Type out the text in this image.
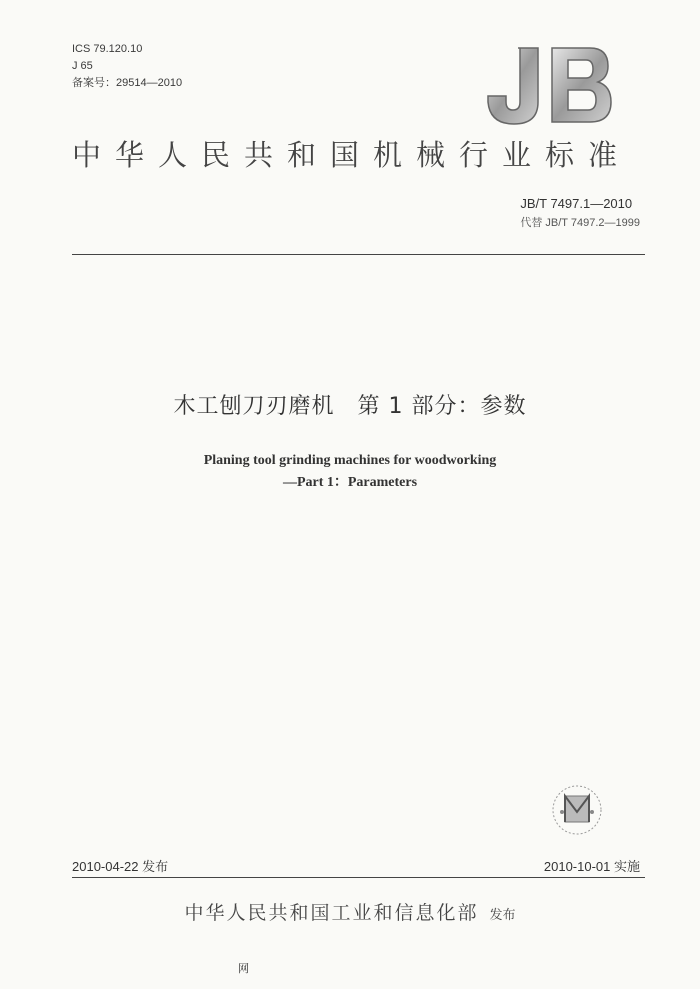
ICS 79.120.10
J 65
备案号：29514—2010
中华人民共和国机械行业标准
JB/T 7497.1—2010
代替 JB/T 7497.2—1999
木工刨刀刃磨机　第 1 部分：参数
Planing tool grinding machines for woodworking
—Part 1：Parameters
2010-04-22 发布	2010-10-01 实施
中华人民共和国工业和信息化部 发布
网
